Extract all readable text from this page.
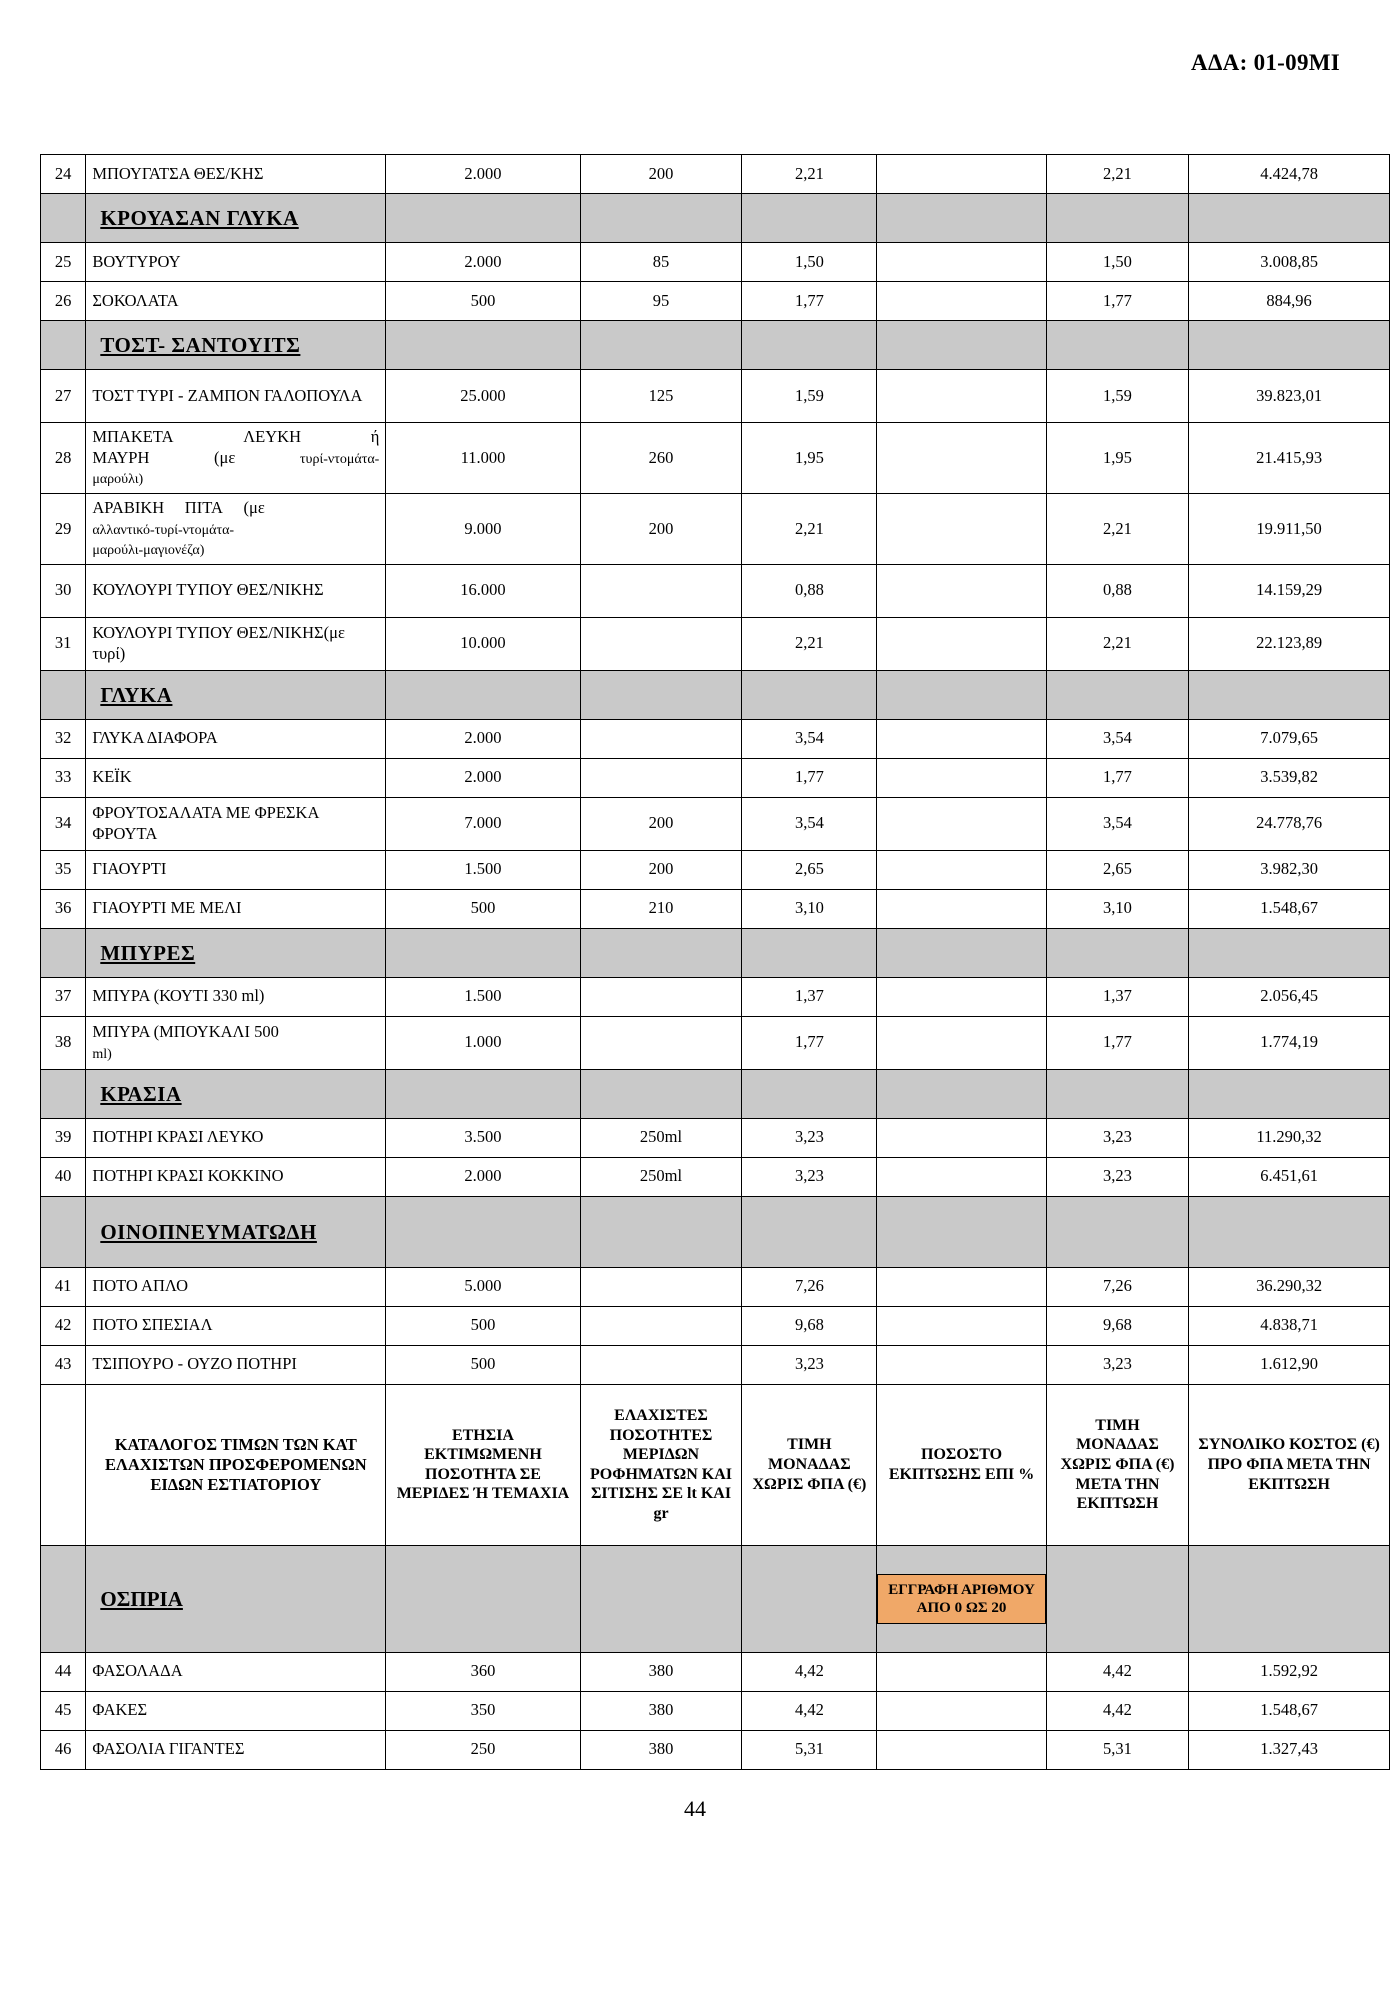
ΑΔΑ: 01-09ΜΙ
24	ΜΠΟΥΓΑΤΣΑ ΘΕΣ/ΚΗΣ	2.000	200	2,21		2,21	4.424,78
	ΚΡΟΥΑΣΑΝ ΓΛΥΚΑ						
25	ΒΟΥΤΥΡΟΥ	2.000	85	1,50		1,50	3.008,85
26	ΣΟΚΟΛΑΤΑ	500	95	1,77		1,77	884,96
	ΤΟΣΤ- ΣΑΝΤΟΥΙΤΣ						
27	ΤΟΣΤ ΤΥΡΙ - ΖΑΜΠΟΝ ΓΑΛΟΠΟΥΛΑ	25.000	125	1,59		1,59	39.823,01
28	ΜΠΑΚΕΤΑ      ΛΕΥΚΗ      ή
ΜΑΥΡΗ  (με  τυρί-ντομάτα-
μαρούλι)	11.000	260	1,95		1,95	21.415,93
29	ΑΡΑΒΙΚΗ     ΠΙΤΑ     (με
αλλαντικό-τυρί-ντομάτα-
μαρούλι-μαγιονέζα)	9.000	200	2,21		2,21	19.911,50
30	ΚΟΥΛΟΥΡΙ ΤΥΠΟΥ ΘΕΣ/ΝΙΚΗΣ	16.000		0,88		0,88	14.159,29
31	ΚΟΥΛΟΥΡΙ ΤΥΠΟΥ ΘΕΣ/ΝΙΚΗΣ(με τυρί)	10.000		2,21		2,21	22.123,89
	ΓΛΥΚΑ						
32	ΓΛΥΚΑ ΔΙΑΦΟΡΑ	2.000		3,54		3,54	7.079,65
33	ΚΕΪΚ	2.000		1,77		1,77	3.539,82
34	ΦΡΟΥΤΟΣΑΛΑΤΑ ΜΕ ΦΡΕΣΚΑ ΦΡΟΥΤΑ	7.000	200	3,54		3,54	24.778,76
35	ΓΙΑΟΥΡΤΙ	1.500	200	2,65		2,65	3.982,30
36	ΓΙΑΟΥΡΤΙ ΜΕ ΜΕΛΙ	500	210	3,10		3,10	1.548,67
	ΜΠΥΡΕΣ						
37	ΜΠΥΡΑ (ΚΟΥΤΙ 330 ml)	1.500		1,37		1,37	2.056,45
38	ΜΠΥΡΑ (ΜΠΟΥΚΑΛΙ 500
ml)	1.000		1,77		1,77	1.774,19
	ΚΡΑΣΙΑ						
39	ΠΟΤΗΡΙ ΚΡΑΣΙ ΛΕΥΚΟ	3.500	250ml	3,23		3,23	11.290,32
40	ΠΟΤΗΡΙ ΚΡΑΣΙ ΚΟΚΚΙΝΟ	2.000	250ml	3,23		3,23	6.451,61
	ΟΙΝΟΠΝΕΥΜΑΤΩΔΗ						
41	ΠΟΤΟ ΑΠΛΟ	5.000		7,26		7,26	36.290,32
42	ΠΟΤΟ ΣΠΕΣΙΑΛ	500		9,68		9,68	4.838,71
43	ΤΣΙΠΟΥΡΟ - ΟΥΖΟ ΠΟΤΗΡΙ	500		3,23		3,23	1.612,90
	ΚΑΤΑΛΟΓΟΣ ΤΙΜΩΝ ΤΩΝ ΚΑΤ ΕΛΑΧΙΣΤΩΝ ΠΡΟΣΦΕΡΟΜΕΝΩΝ ΕΙΔΩΝ ΕΣΤΙΑΤΟΡΙΟΥ	ΕΤΗΣΙΑ ΕΚΤΙΜΩΜΕΝΗ ΠΟΣΟΤΗΤΑ ΣΕ ΜΕΡΙΔΕΣ Ή ΤΕΜΑΧΙΑ	ΕΛΑΧΙΣΤΕΣ ΠΟΣΟΤΗΤΕΣ ΜΕΡΙΔΩΝ ΡΟΦΗΜΑΤΩΝ ΚΑΙ ΣΙΤΙΣΗΣ ΣΕ lt ΚΑΙ gr	ΤΙΜΗ ΜΟΝΑΔΑΣ ΧΩΡΙΣ ΦΠΑ (€)	ΠΟΣΟΣΤΟ ΕΚΠΤΩΣΗΣ ΕΠΙ %	ΤΙΜΗ ΜΟΝΑΔΑΣ ΧΩΡΙΣ ΦΠΑ (€) ΜΕΤΑ ΤΗΝ ΕΚΠΤΩΣΗ	ΣΥΝΟΛΙΚΟ ΚΟΣΤΟΣ (€) ΠΡΟ ΦΠΑ ΜΕΤΑ ΤΗΝ ΕΚΠΤΩΣΗ
	ΟΣΠΡΙΑ				ΕΓΓΡΑΦΗ ΑΡΙΘΜΟΥ ΑΠΟ 0 ΩΣ 20		

44	ΦΑΣΟΛΑΔΑ	360	380	4,42		4,42	1.592,92
45	ΦΑΚΕΣ	350	380	4,42		4,42	1.548,67
46	ΦΑΣΟΛΙΑ ΓΙΓΑΝΤΕΣ	250	380	5,31		5,31	1.327,43
44
